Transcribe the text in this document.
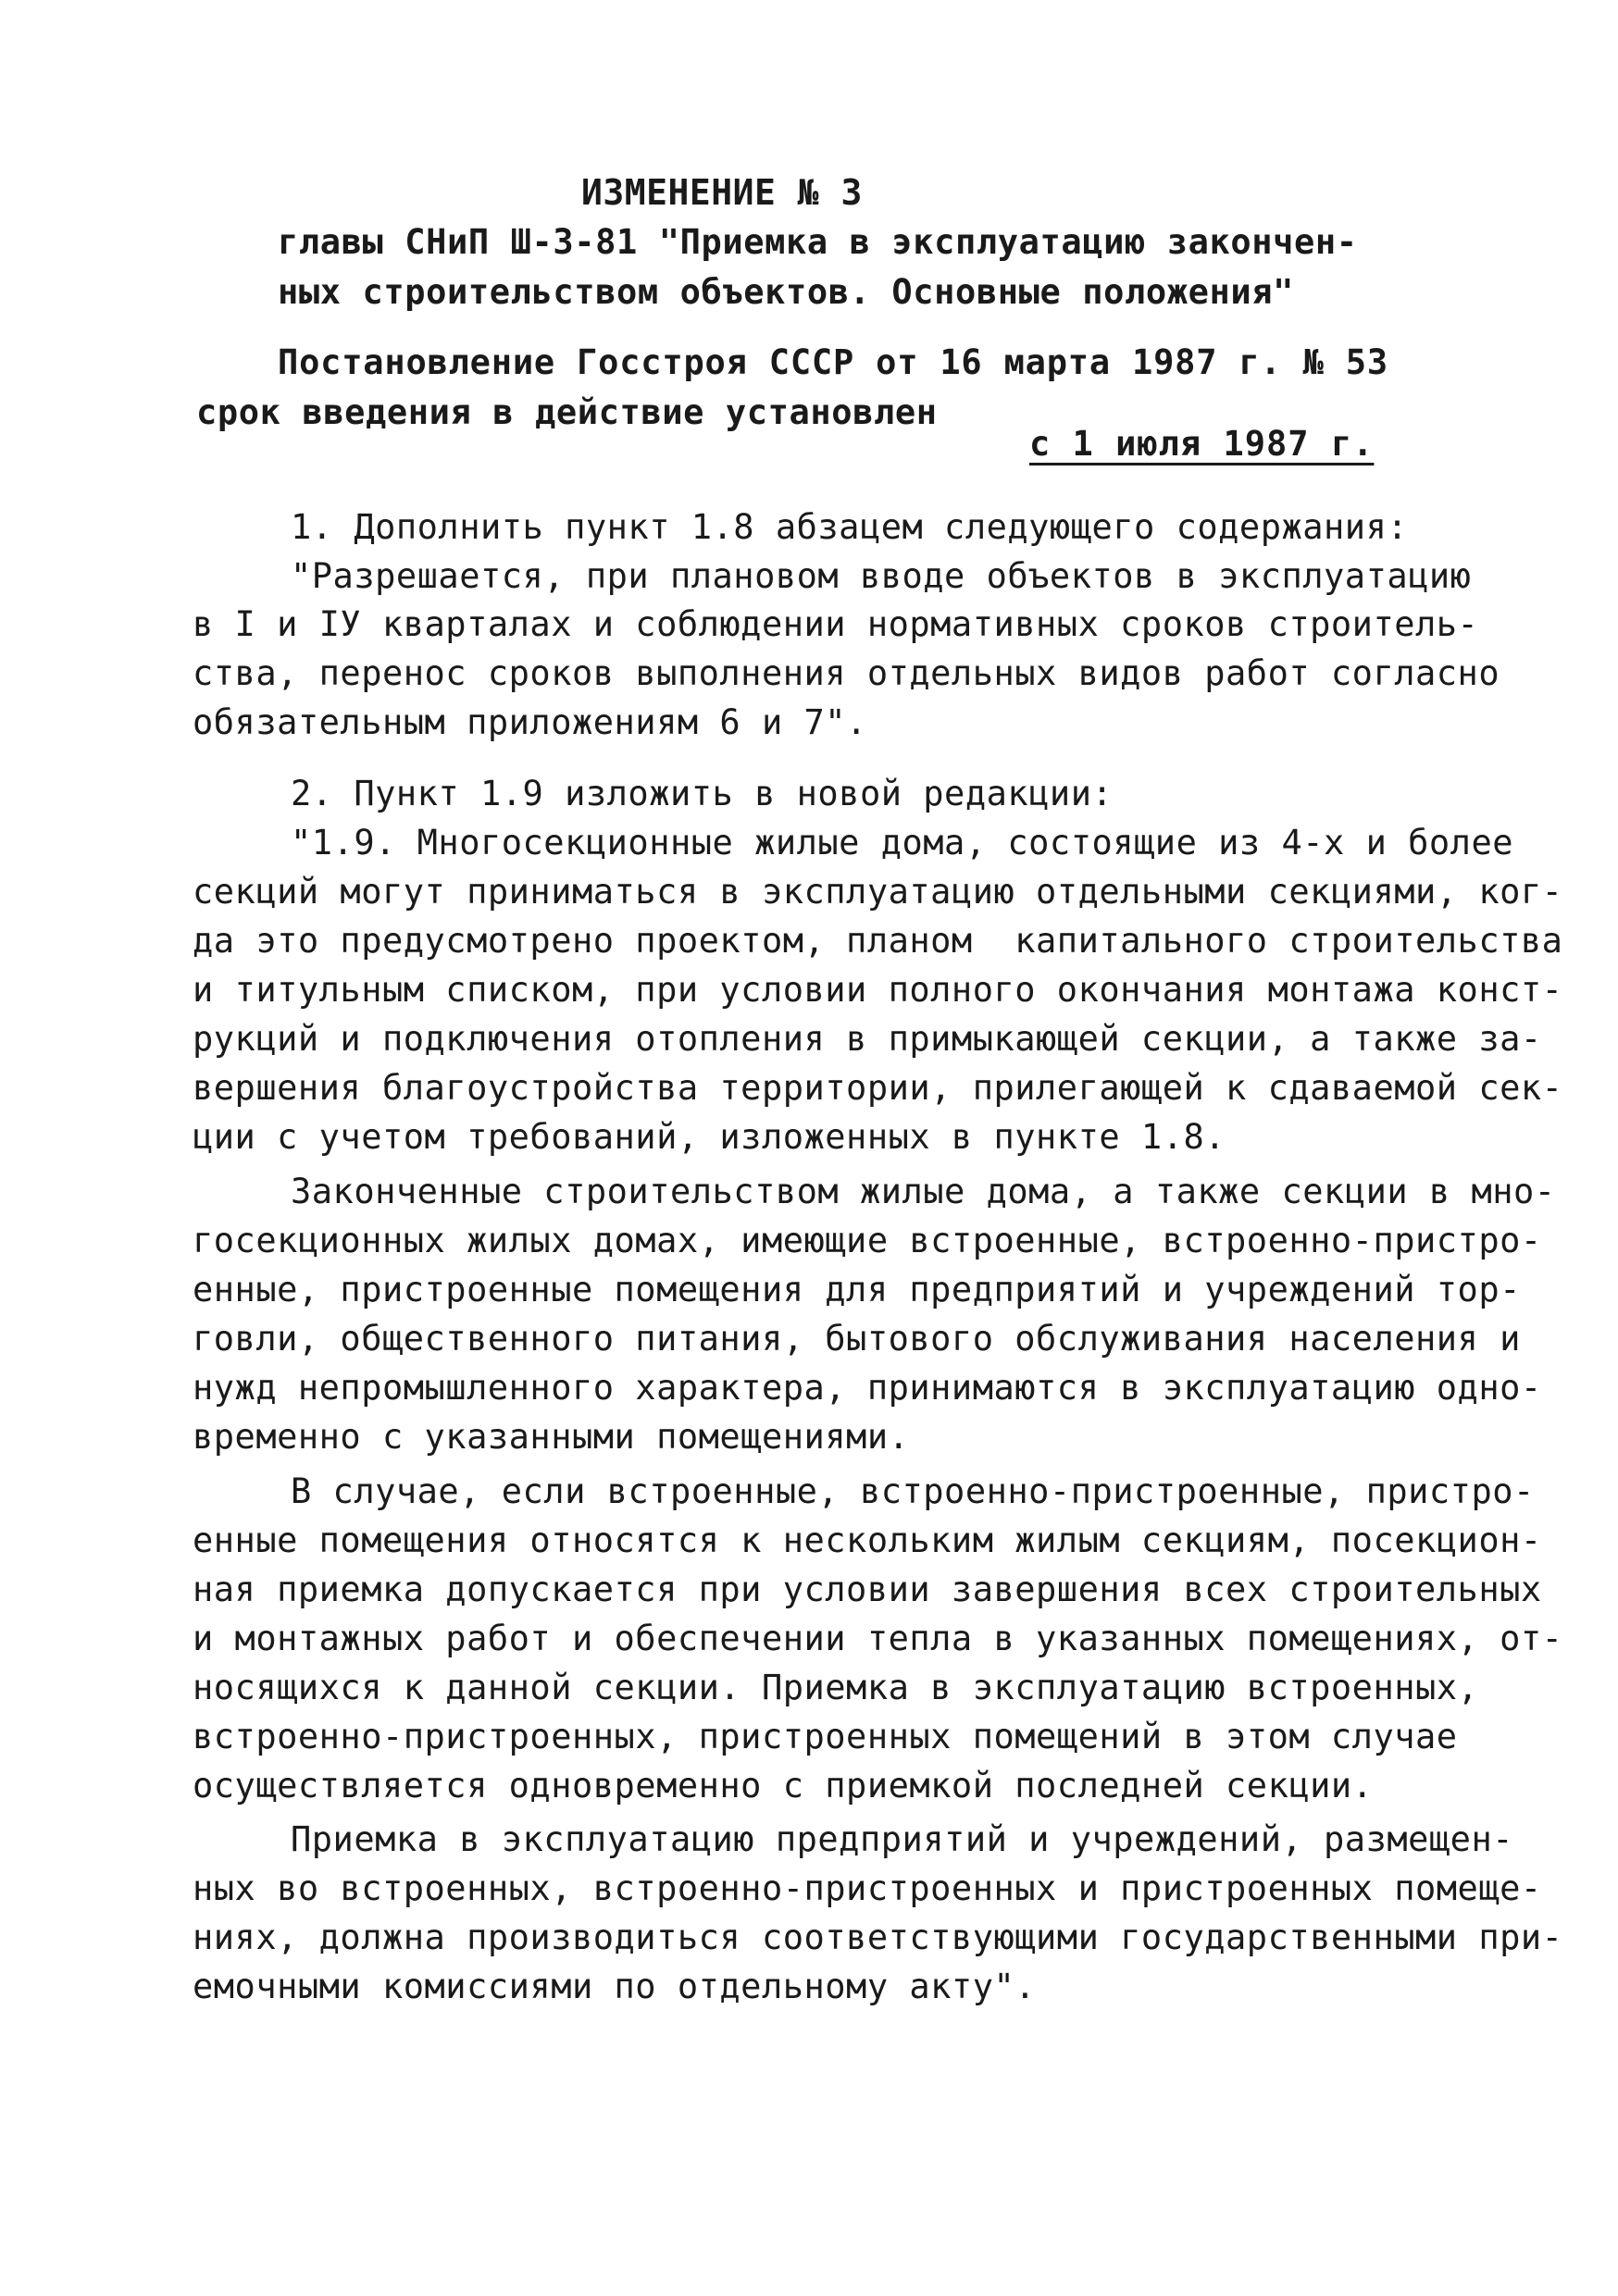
ИЗМЕНЕНИЕ № 3
главы СНиП Ш-3-81 "Приемка в эксплуатацию закончен-
ных строительством объектов. Основные положения"
Постановление Госстроя СССР от 16 марта 1987 г. № 53
срок введения в действие установлен
с 1 июля 1987 г.
1. Дополнить пункт 1.8 абзацем следующего содержания:
"Разрешается, при плановом вводе объектов в эксплуатацию
в I и IУ кварталах и соблюдении нормативных сроков строитель-
ства, перенос сроков выполнения отдельных видов работ согласно
обязательным приложениям 6 и 7".
2. Пункт 1.9 изложить в новой редакции:
"1.9. Многосекционные жилые дома, состоящие из 4-х и более
секций могут приниматься в эксплуатацию отдельными секциями, ког-
да это предусмотрено проектом, планом  капитального строительства
и титульным списком, при условии полного окончания монтажа конст-
рукций и подключения отопления в примыкающей секции, а также за-
вершения благоустройства территории, прилегающей к сдаваемой сек-
ции с учетом требований, изложенных в пункте 1.8.
Законченные строительством жилые дома, а также секции в мно-
госекционных жилых домах, имеющие встроенные, встроенно-пристро-
енные, пристроенные помещения для предприятий и учреждений тор-
говли, общественного питания, бытового обслуживания населения и
нужд непромышленного характера, принимаются в эксплуатацию одно-
временно с указанными помещениями.
В случае, если встроенные, встроенно-пристроенные, пристро-
енные помещения относятся к нескольким жилым секциям, посекцион-
ная приемка допускается при условии завершения всех строительных
и монтажных работ и обеспечении тепла в указанных помещениях, от-
носящихся к данной секции. Приемка в эксплуатацию встроенных,
встроенно-пристроенных, пристроенных помещений в этом случае
осуществляется одновременно с приемкой последней секции.
Приемка в эксплуатацию предприятий и учреждений, размещен-
ных во встроенных, встроенно-пристроенных и пристроенных помеще-
ниях, должна производиться соответствующими государственными при-
емочными комиссиями по отдельному акту".
